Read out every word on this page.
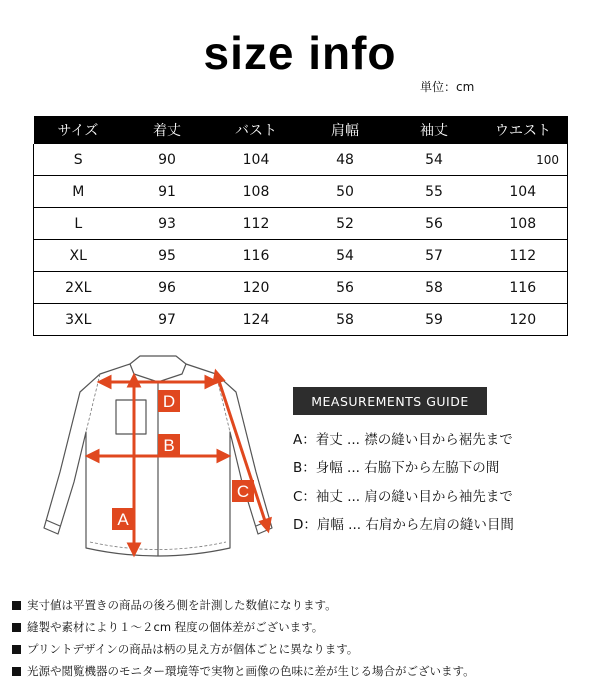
size info
単位：cm
サイズ	着丈	バスト	肩幅	袖丈	ウエスト
S	90	104	48	54	100
M	91	108	50	55	104
L	93	112	52	56	108
XL	95	116	54	57	112
2XL	96	120	56	58	116
3XL	97	124	58	59	120
D
B
C
A
MEASUREMENTS GUIDE
A：着丈 ... 襟の縫い目から裾先まで
B：身幅 ... 右脇下から左脇下の間
C：袖丈 ... 肩の縫い目から袖先まで
D：肩幅 ... 右肩から左肩の縫い目間
実寸値は平置きの商品の後ろ側を計測した数値になります。
縫製や素材により１～２cm 程度の個体差がございます。
プリントデザインの商品は柄の見え方が個体ごとに異なります。
光源や閲覧機器のモニター環境等で実物と画像の色味に差が生じる場合がございます。
